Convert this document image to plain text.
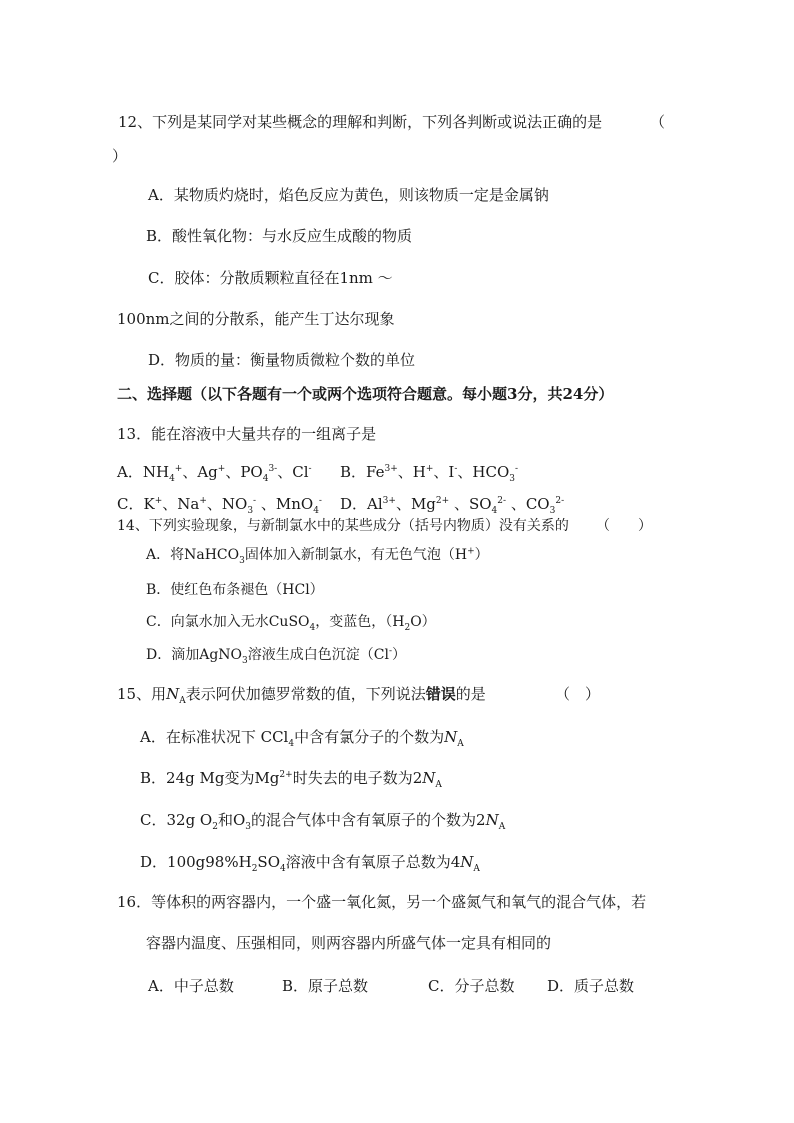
12、下列是某同学对某些概念的理解和判断，下列各判断或说法正确的是	（
）
A．某物质灼烧时，焰色反应为黄色，则该物质一定是金属钠
B．酸性氧化物：与水反应生成酸的物质
C．胶体：分散质颗粒直径在1nm ～
100nm之间的分散系，能产生丁达尔现象
D．物质的量：衡量物质微粒个数的单位
二、选择题（以下各题有一个或两个选项符合题意。每小题3分，共24分）
13．能在溶液中大量共存的一组离子是
A．$NH_4^+$、Ag+、$PO_4^{3-}$、Cl- B．$Fe^{3+}$、H+、I-、$HCO_3^-$
C．K+、Na+、$NO_3^-$ 、MnO$_4$- D．$Al^{3+}$、$Mg^{2+}$ 、$SO_4^{2-}$ 、$CO_3^{2-}$
14、下列实验现象，与新制氯水中的某些成分（括号内物质）没有关系的 （　　）
A．将NaHCO$_3$固体加入新制氯水，有无色气泡（H+）
B．使红色布条褪色（HCl）
C．向氯水加入无水CuSO$_4$，变蓝色，$(H_2O)$
D．滴加AgNO$_3$溶液生成白色沉淀（Cl-）
15、用$N_A$表示阿伏加德罗常数的值，下列说法错误的是	（　）
A．在标准状况下 CCl$_4$中含有氯分子的个数为$N_A$
B．24g Mg变为$Mg^{2+}$时失去的电子数为$2N_A$
C．32g $O_2$和$O_3$的混合气体中含有氧原子的个数为$2N_A$
D．$100g98\%H_2SO_4$溶液中含有氧原子总数为$4N_A$
16．等体积的两容器内，一个盛一氧化氮，另一个盛氮气和氧气的混合气体，若
容器内温度、压强相同，则两容器内所盛气体一定具有相同的
A．中子总数	B．原子总数	C．分子总数 D．质子总数
